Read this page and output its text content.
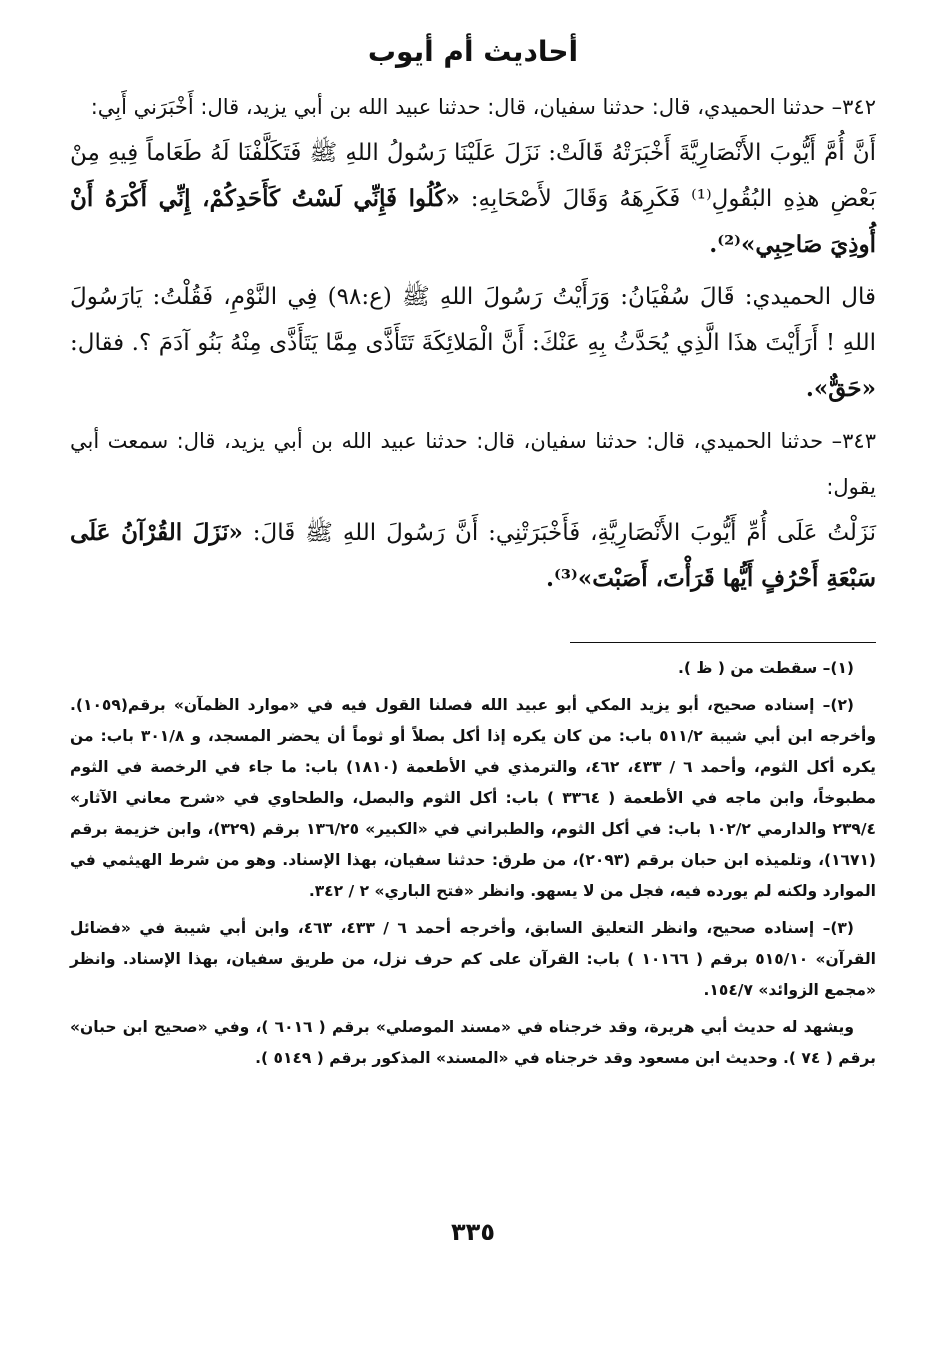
أحاديث أم أيوب

٣٤٢– حدثنا الحميدي، قال: حدثنا سفيان، قال: حدثنا عبيد الله بن أبي يزيد، قال: أَخْبَرَني أَبِي:

أَنَّ أُمَّ أَيُّوبَ الأَنْصَارِيَّةَ أَخْبَرَتْهُ قَالَتْ: نَزَلَ عَلَيْنَا رَسُولُ اللهِ ﷺ فَتَكَلَّفْنَا لَهُ طَعَاماً فِيهِ مِنْ بَعْضِ هذِهِ البُقُولِ⁽¹⁾ فَكَرِهَهُ وَقَالَ لأَصْحَابِهِ: «كُلُوا فَإِنِّي لَسْتُ كَأَحَدِكُمْ، إِنِّي أَكْرَهُ أَنْ أُوذِيَ صَاحِبِي»⁽²⁾.

قال الحميدي: قَالَ سُفْيَانُ: وَرَأَيْتُ رَسُولَ اللهِ ﷺ (ع:٩٨) فِي النَّوْمِ، فَقُلْتُ: يَارَسُولَ اللهِ ! أَرَأَيْتَ هذَا الَّذِي يُحَدَّثُ بِهِ عَنْكَ: أَنَّ الْمَلائِكَةَ تَتَأَذَّى مِمَّا يَتَأَذَّى مِنْهُ بَنُو آدَمَ ؟. فقال: «حَقٌّ».

٣٤٣– حدثنا الحميدي، قال: حدثنا سفيان، قال: حدثنا عبيد الله بن أبي يزيد، قال: سمعت أبي يقول:

نَزَلْتُ عَلَى أُمِّ أَيُّوبَ الأَنْصَارِيَّةِ، فَأَخْبَرَتْنِي: أَنَّ رَسُولَ اللهِ ﷺ قَالَ: «نَزَلَ القُرْآنُ عَلَى سَبْعَةِ أَحْرُفٍ أَيُّها قَرَأْتَ، أَصَبْتَ»⁽³⁾.

(١)– سقطت من ( ظ ).

(٢)– إسناده صحيح، أبو يزيد المكي أبو عبيد الله فصلنا القول فيه في «موارد الظمآن» برقم(١٠٥٩). وأخرجه ابن أبي شيبة ٥١١/٢ باب: من كان يكره إذا أكل بصلاً أو ثوماً أن يحضر المسجد، و ٣٠١/٨ باب: من يكره أكل الثوم، وأحمد ٦ / ٤٣٣، ٤٦٢، والترمذي في الأطعمة (١٨١٠) باب: ما جاء في الرخصة في الثوم مطبوخاً، وابن ماجه في الأطعمة ( ٣٣٦٤ ) باب: أكل الثوم والبصل، والطحاوي في «شرح معاني الآثار» ٢٣٩/٤ والدارمي ١٠٢/٢ باب: في أكل الثوم، والطبراني في «الكبير» ١٣٦/٢٥ برقم (٣٢٩)، وابن خزيمة برقم (١٦٧١)، وتلميذه ابن حبان برقم (٢٠٩٣)، من طرق: حدثنا سفيان، بهذا الإسناد. وهو من شرط الهيثمي في الموارد ولكنه لم يورده فيه، فجل من لا يسهو. وانظر «فتح الباري» ٢ / ٣٤٢.

(٣)– إسناده صحيح، وانظر التعليق السابق، وأخرجه أحمد ٦ / ٤٣٣، ٤٦٣، وابن أبي شيبة في «فضائل القرآن» ٥١٥/١٠ برقم ( ١٠١٦٦ ) باب: القرآن على كم حرف نزل، من طريق سفيان، بهذا الإسناد. وانظر «مجمع الزوائد» ١٥٤/٧.

ويشهد له حديث أبي هريرة، وقد خرجناه في «مسند الموصلي» برقم ( ٦٠١٦ )، وفي «صحيح ابن حبان» برقم ( ٧٤ ). وحديث ابن مسعود وقد خرجناه في «المسند» المذكور برقم ( ٥١٤٩ ).

٣٣٥
